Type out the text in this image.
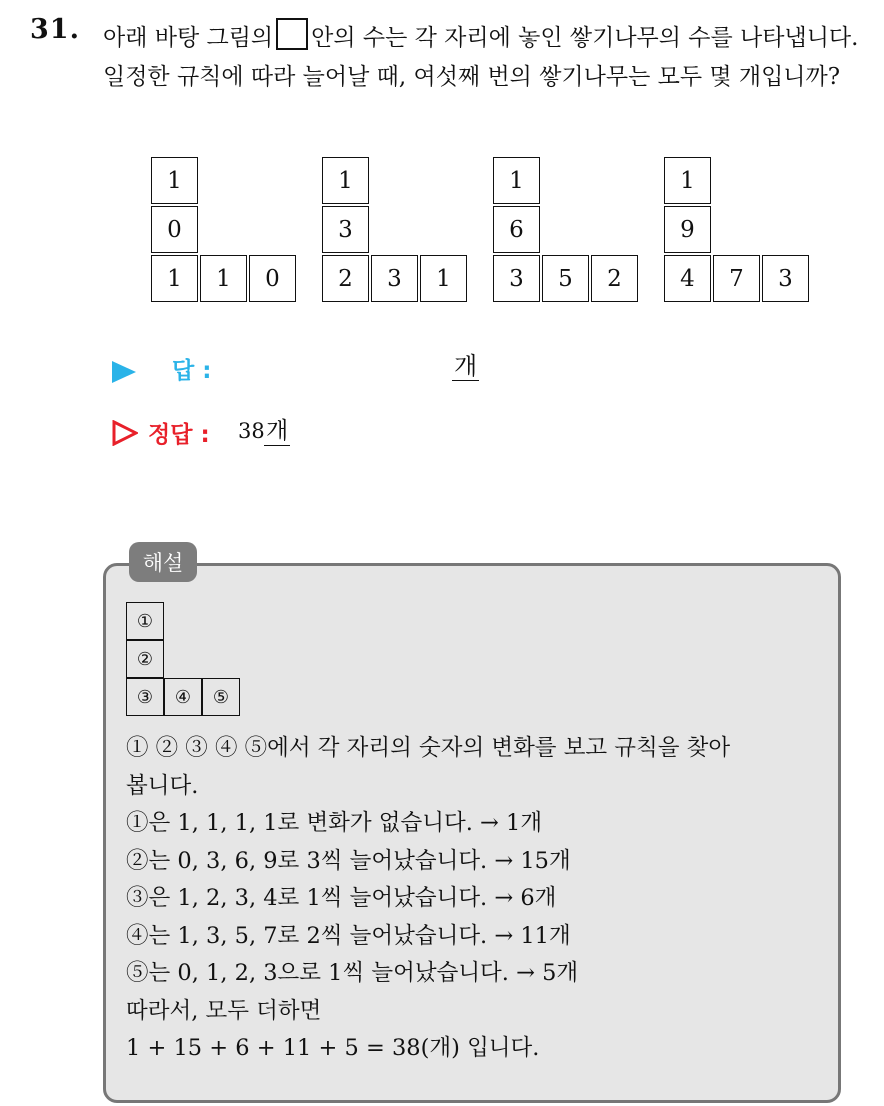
31. 아래 바탕 그림의 안의 수는 각 자리에 놓인 쌓기나무의 수를 나타냅니다. 일정한 규칙에 따라 늘어날 때, 여섯째 번의 쌓기나무는 모두 몇 개입니까?
1
0
1	1	0
1
3
2	3	1
1
6
3	5	2
1
9
4	7	3
답 :	개
정답 : 38 개
해설
①
②
③	④	⑤
① ② ③ ④ ⑤에서 각 자리의 숫자의 변화를 보고 규칙을 찾아
봅니다.
①은 1, 1, 1, 1로 변화가 없습니다. → 1개
②는 0, 3, 6, 9로 3씩 늘어났습니다. → 15개
③은 1, 2, 3, 4로 1씩 늘어났습니다. → 6개
④는 1, 3, 5, 7로 2씩 늘어났습니다. → 11개
⑤는 0, 1, 2, 3으로 1씩 늘어났습니다. → 5개
따라서, 모두 더하면
1 + 15 + 6 + 11 + 5 = 38(개) 입니다.
